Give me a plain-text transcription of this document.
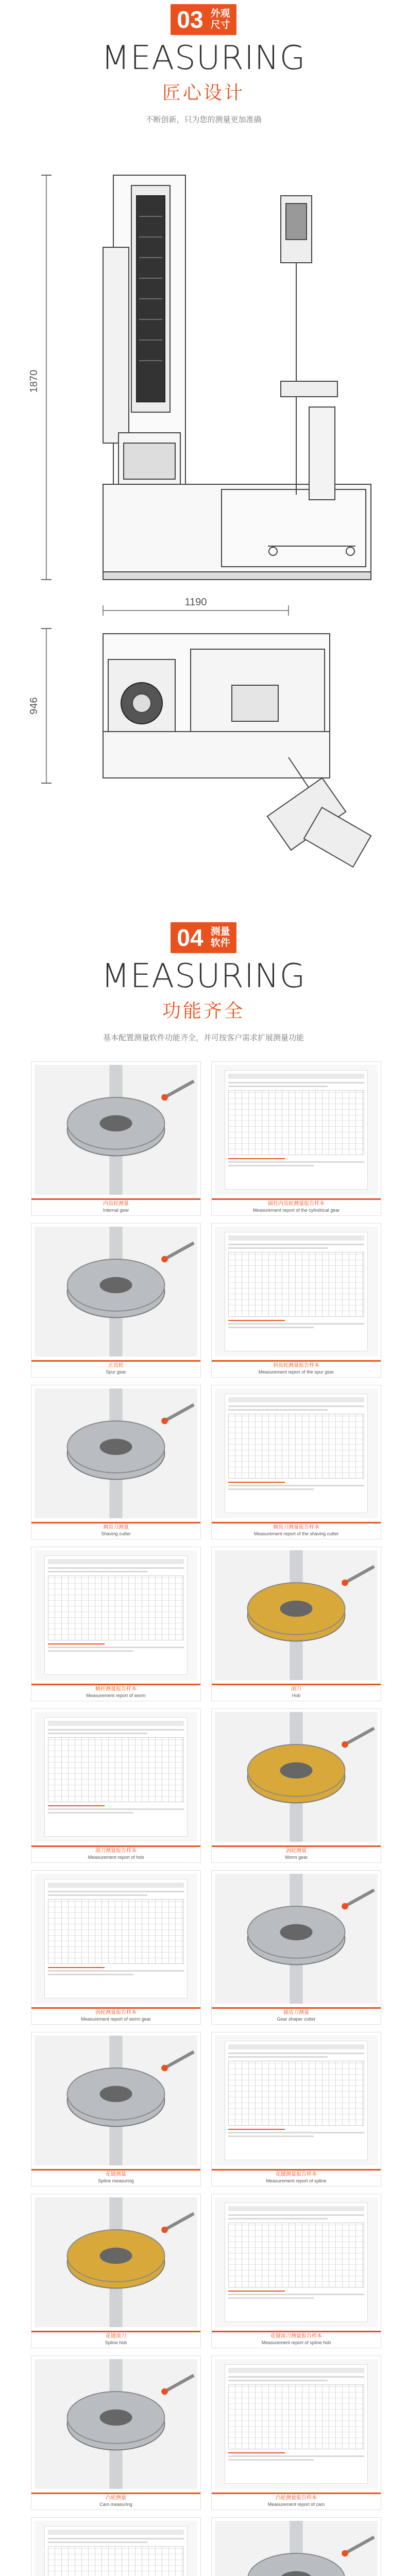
03 外观
尺寸
MEASURING
匠心设计
不断创新，只为您的测量更加准确
1870
1190
946
04 测量
软件
MEASURING
功能齐全
基本配置测量软件功能齐全，并可按客户需求扩展测量功能
内齿轮测量
Internal gear
圆柱内齿轮测量报告样本
Measurement report of the cylindrical gear
正齿轮
Spur gear
斜齿轮测量报告样本
Measurement report of the spur gear
剃齿刀测量
Shaving cutter
剃齿刀测量报告样本
Measurement report of the shaving cutter
蜗杆测量报告样本
Measurement report of worm
滚刀
Hob
滚刀测量报告样本
Measurement report of hob
涡轮测量
Worm gear
涡轮测量报告样本
Measurement report of worm gear
插齿刀测量
Gear shaper cutter
花键测量
Spline measuring
花键测量报告样本
Measurement report of spline
花键滚刀
Spline hob
花键滚刀测量报告样本
Measurement report of spline hob
凸轮测量
Cam measuring
凸轮测量报告样本
Measurement report of cam
